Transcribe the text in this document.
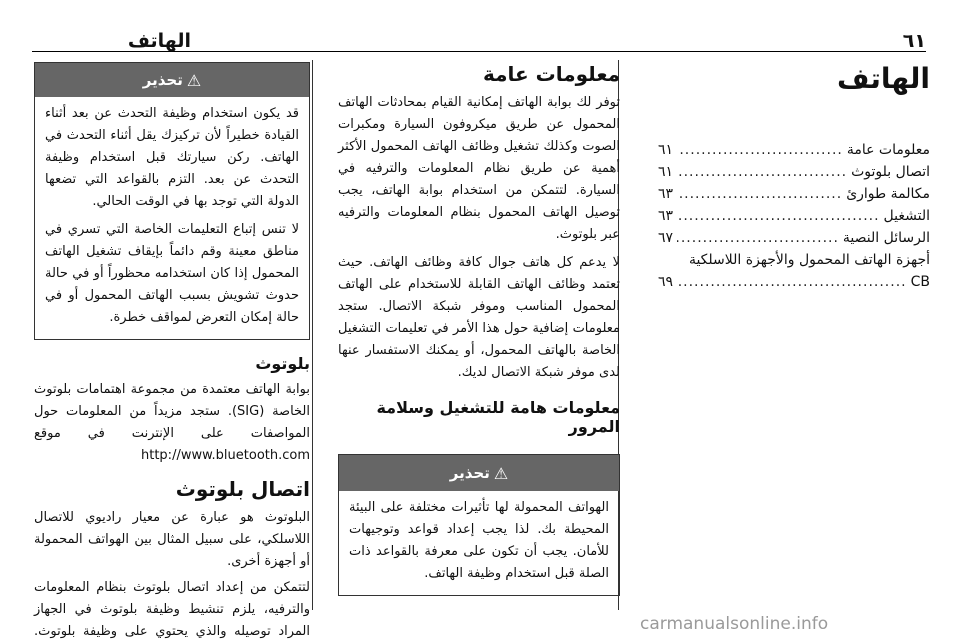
٦١
الهاتف
الهاتف
معلومات عامة
.....
٦١
اتصال بلوتوث
.....
٦١
مكالمة طوارئ
.....
٦٣
التشغيل
.....
٦٣
الرسائل النصية
.....
٦٧
أجهزة الهاتف المحمول والأجهزة اللاسلكية
CB
.....
٦٩
معلومات عامة

توفر لك بوابة الهاتف إمكانية القيام بمحادثات الهاتف المحمول عن طريق ميكروفون السيارة ومكبرات الصوت وكذلك تشغيل وظائف الهاتف المحمول الأكثر أهمية عن طريق نظام المعلومات والترفيه في السيارة. لتتمكن من استخدام بوابة الهاتف، يجب توصيل الهاتف المحمول بنظام المعلومات والترفيه عبر بلوتوث.

لا يدعم كل هاتف جوال كافة وظائف الهاتف. حيث تعتمد وظائف الهاتف القابلة للاستخدام على الهاتف المحمول المناسب وموفر شبكة الاتصال. ستجد معلومات إضافية حول هذا الأمر في تعليمات التشغيل الخاصة بالهاتف المحمول، أو يمكنك الاستفسار عنها لدى موفر شبكة الاتصال لديك.

معلومات هامة للتشغيل وسلامة المرور
⚠
تحذير
الهواتف المحمولة لها تأثيرات مختلفة على البيئة المحيطة بك. لذا يجب إعداد قواعد وتوجيهات للأمان. يجب أن تكون على معرفة بالقواعد ذات الصلة قبل استخدام وظيفة الهاتف.
⚠
تحذير

قد يكون استخدام وظيفة التحدث عن بعد أثناء القيادة خطيراً لأن تركيزك يقل أثناء التحدث في الهاتف. ركن سيارتك قبل استخدام وظيفة التحدث عن بعد. التزم بالقواعد التي تضعها الدولة التي توجد بها في الوقت الحالي.

لا تنس إتباع التعليمات الخاصة التي تسري في مناطق معينة وقم دائماً بإيقاف تشغيل الهاتف المحمول إذا كان استخدامه محظوراً أو في حالة حدوث تشويش بسبب الهاتف المحمول أو في حالة إمكان التعرض لمواقف خطرة.

بلوتوث

بوابة الهاتف معتمدة من مجموعة اهتمامات بلوتوث الخاصة (SIG). ستجد مزيداً من المعلومات حول المواصفات على الإنترنت في موقع http://www.bluetooth.com

اتصال بلوتوث

البلوتوث هو عبارة عن معيار راديوي للاتصال اللاسلكي، على سبيل المثال بين الهواتف المحمولة أو أجهزة أخرى.

لتتمكن من إعداد اتصال بلوتوث بنظام المعلومات والترفيه، يلزم تنشيط وظيفة بلوتوث في الجهاز المراد توصيله والذي يحتوي على وظيفة بلوتوث.	carmanualsonline.info
